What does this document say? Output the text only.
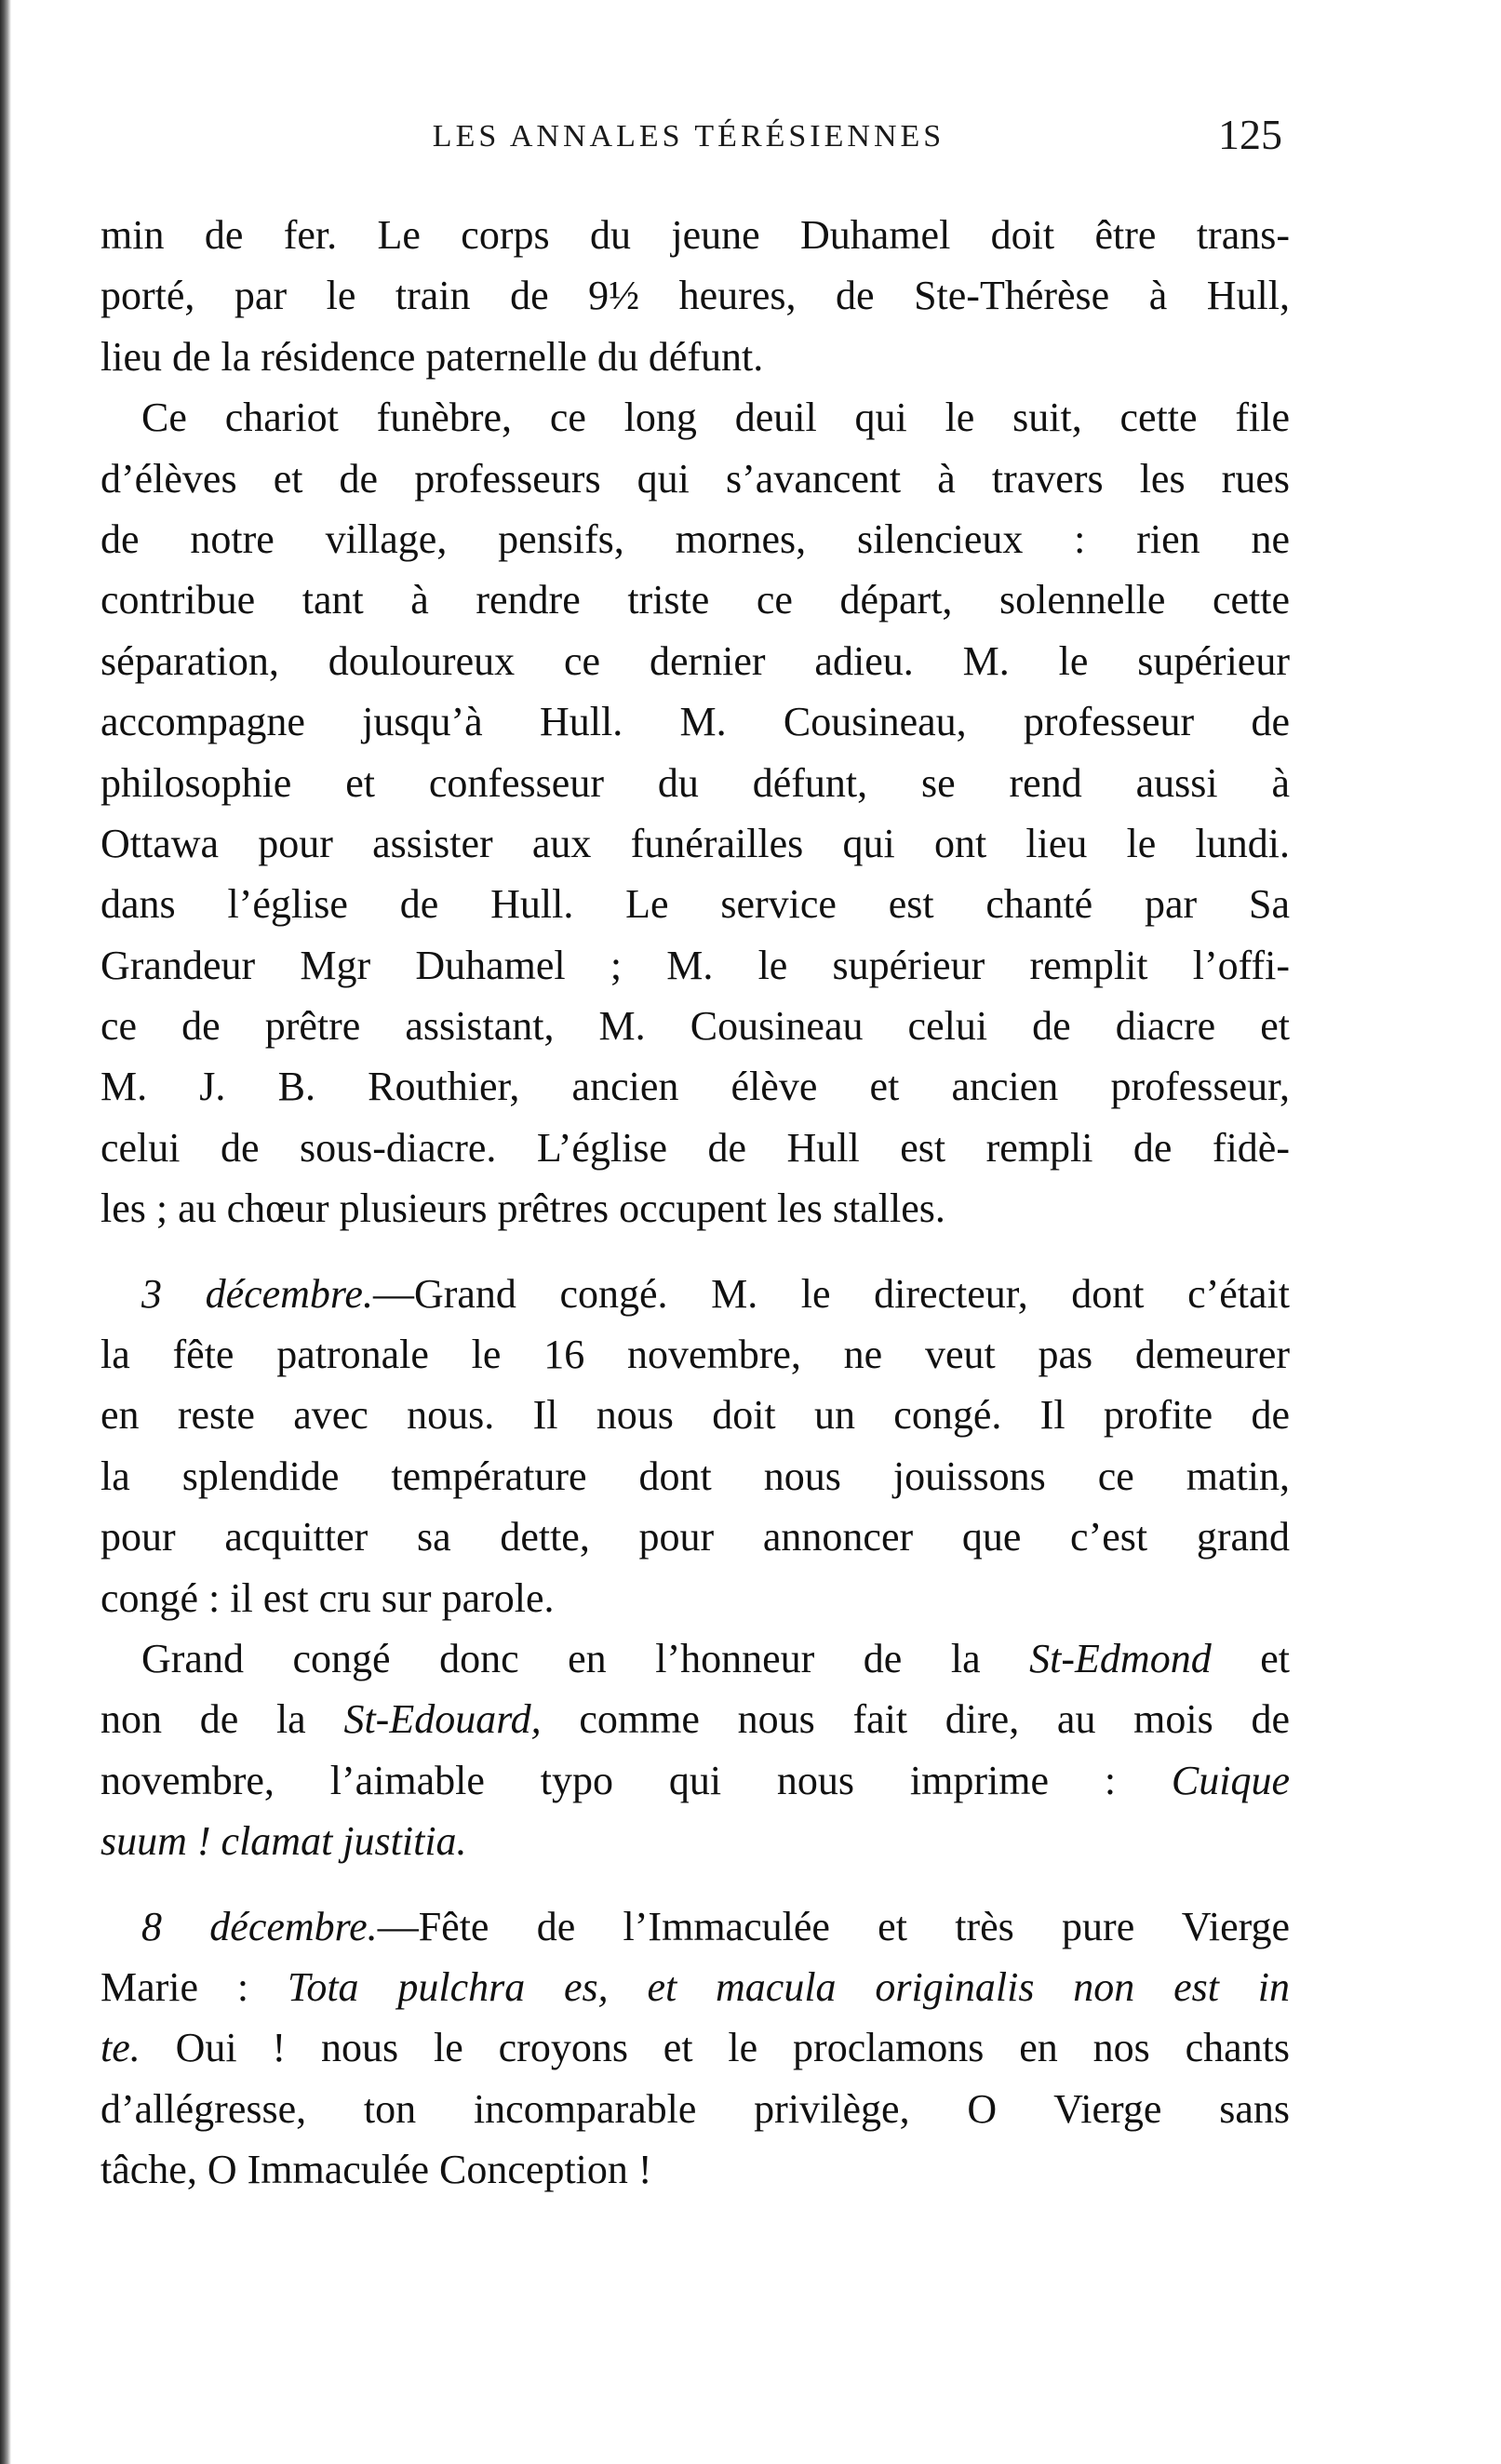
LES ANNALES TÉRÉSIENNES	125
min de fer. Le corps du jeune Duhamel doit être trans-
porté, par le train de 9½ heures, de Ste-Thérèse à Hull,
lieu de la résidence paternelle du défunt.
Ce chariot funèbre, ce long deuil qui le suit, cette file
d’élèves et de professeurs qui s’avancent à travers les rues
de notre village, pensifs, mornes, silencieux : rien ne
contribue tant à rendre triste ce départ, solennelle cette
séparation, douloureux ce dernier adieu. M. le supérieur
accompagne jusqu’à Hull. M. Cousineau, professeur de
philosophie et confesseur du défunt, se rend aussi à
Ottawa pour assister aux funérailles qui ont lieu le lundi.
dans l’église de Hull. Le service est chanté par Sa
Grandeur Mgr Duhamel ; M. le supérieur remplit l’offi-
ce de prêtre assistant, M. Cousineau celui de diacre et
M. J. B. Routhier, ancien élève et ancien professeur,
celui de sous-diacre. L’église de Hull est rempli de fidè-
les ; au chœur plusieurs prêtres occupent les stalles.
3 décembre.—Grand congé. M. le directeur, dont c’était
la fête patronale le 16 novembre, ne veut pas demeurer
en reste avec nous. Il nous doit un congé. Il profite de
la splendide température dont nous jouissons ce matin,
pour acquitter sa dette, pour annoncer que c’est grand
congé : il est cru sur parole.
Grand congé donc en l’honneur de la St-Edmond et
non de la St-Edouard, comme nous fait dire, au mois de
novembre, l’aimable typo qui nous imprime : Cuique
suum ! clamat justitia.
8 décembre.—Fête de l’Immaculée et très pure Vierge
Marie : Tota pulchra es, et macula originalis non est in
te. Oui ! nous le croyons et le proclamons en nos chants
d’allégresse, ton incomparable privilège, O Vierge sans
tâche, O Immaculée Conception !
